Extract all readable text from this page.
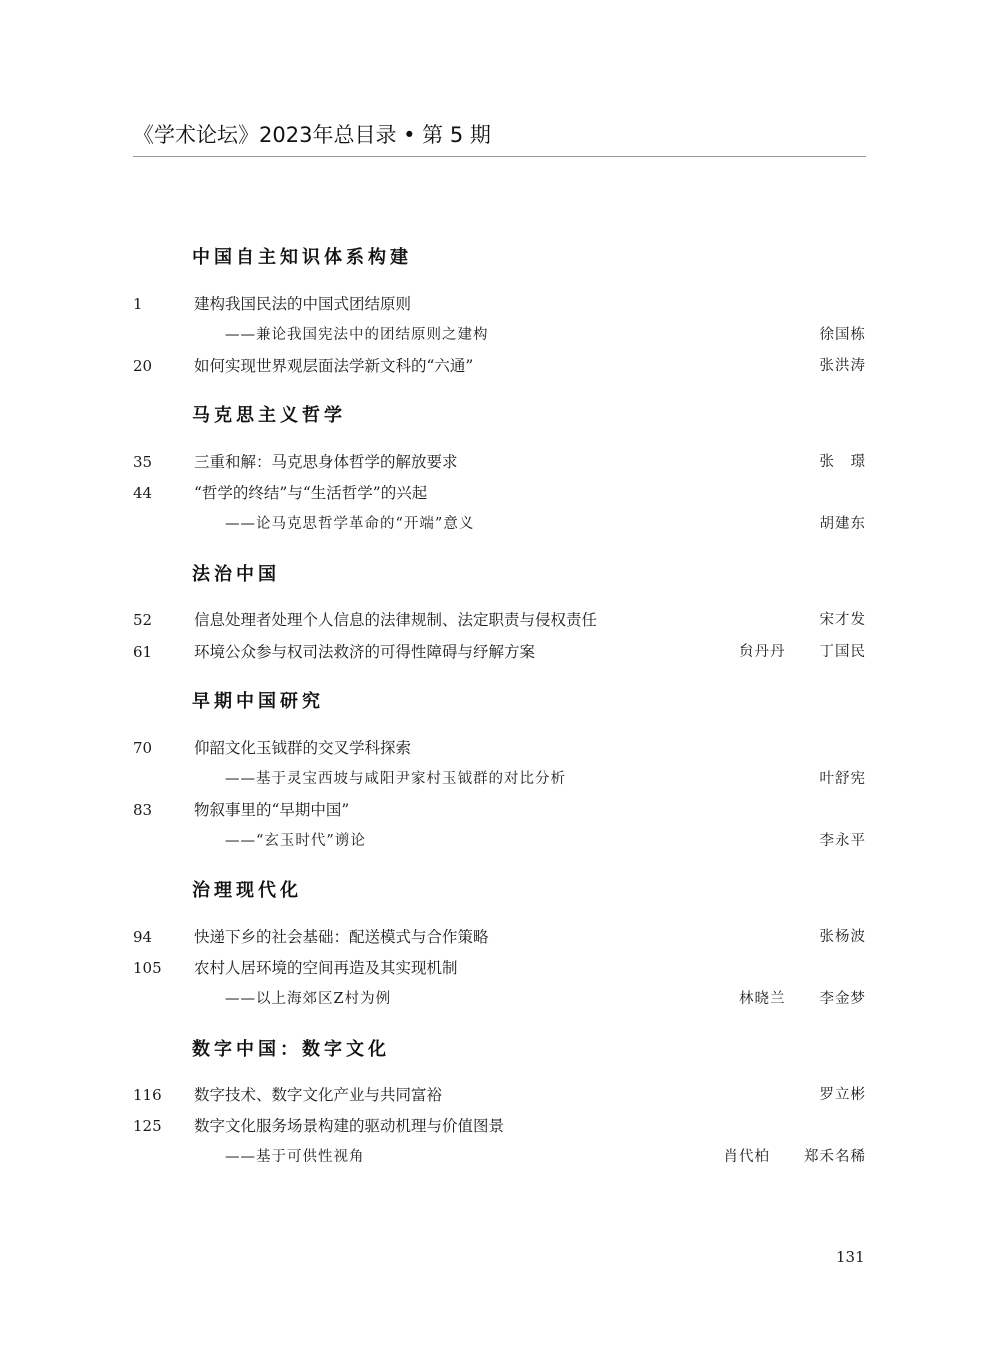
《学术论坛》2023年总目录 • 第 5 期
中国自主知识体系构建
1	建构我国民法的中国式团结原则
——兼论我国宪法中的团结原则之建构	徐国栋
20	如何实现世界观层面法学新文科的“六通”	张洪涛
马克思主义哲学
35	三重和解：马克思身体哲学的解放要求	张　璟
44	“哲学的终结”与“生活哲学”的兴起
——论马克思哲学革命的“开端”意义	胡建东
法治中国
52	信息处理者处理个人信息的法律规制、法定职责与侵权责任	宋才发
61	环境公众参与权司法救济的可得性障碍与纾解方案	贠丹丹 丁国民
早期中国研究
70	仰韶文化玉钺群的交叉学科探索
——基于灵宝西坡与咸阳尹家村玉钺群的对比分析	叶舒宪
83	物叙事里的“早期中国”
——“玄玉时代”谫论	李永平
治理现代化
94	快递下乡的社会基础：配送模式与合作策略	张杨波
105 农村人居环境的空间再造及其实现机制
——以上海郊区Z村为例	林晓兰 李金梦
数字中国：数字文化
116 数字技术、数字文化产业与共同富裕	罗立彬
125 数字文化服务场景构建的驱动机理与价值图景
——基于可供性视角	肖代柏 郑禾名稀
131
